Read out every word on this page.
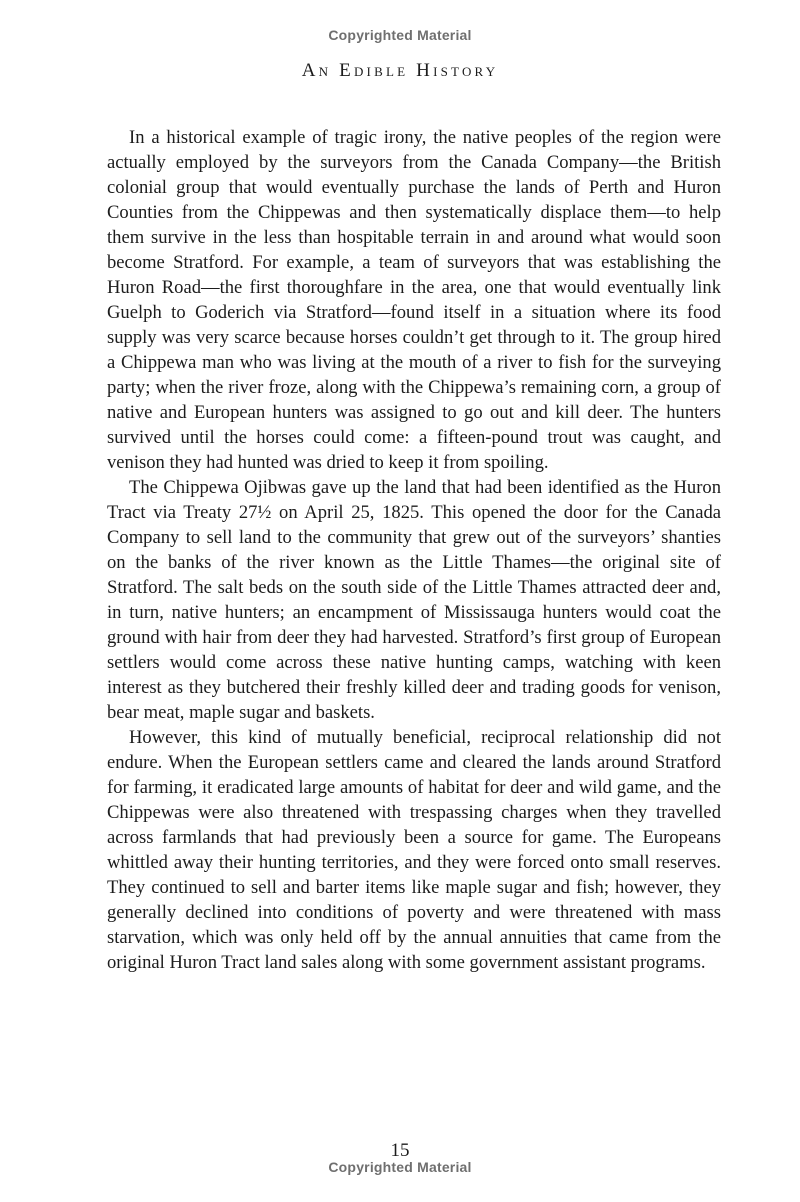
Copyrighted Material
An Edible History

In a historical example of tragic irony, the native peoples of the region were actually employed by the surveyors from the Canada Company—the British colonial group that would eventually purchase the lands of Perth and Huron Counties from the Chippewas and then systematically displace them—to help them survive in the less than hospitable terrain in and around what would soon become Stratford. For example, a team of surveyors that was establishing the Huron Road—the first thoroughfare in the area, one that would eventually link Guelph to Goderich via Stratford—found itself in a situation where its food supply was very scarce because horses couldn’t get through to it. The group hired a Chippewa man who was living at the mouth of a river to fish for the surveying party; when the river froze, along with the Chippewa’s remaining corn, a group of native and European hunters was assigned to go out and kill deer. The hunters survived until the horses could come: a fifteen-pound trout was caught, and venison they had hunted was dried to keep it from spoiling.

The Chippewa Ojibwas gave up the land that had been identified as the Huron Tract via Treaty 27½ on April 25, 1825. This opened the door for the Canada Company to sell land to the community that grew out of the surveyors’ shanties on the banks of the river known as the Little Thames—the original site of Stratford. The salt beds on the south side of the Little Thames attracted deer and, in turn, native hunters; an encampment of Mississauga hunters would coat the ground with hair from deer they had harvested. Stratford’s first group of European settlers would come across these native hunting camps, watching with keen interest as they butchered their freshly killed deer and trading goods for venison, bear meat, maple sugar and baskets.

However, this kind of mutually beneficial, reciprocal relationship did not endure. When the European settlers came and cleared the lands around Stratford for farming, it eradicated large amounts of habitat for deer and wild game, and the Chippewas were also threatened with trespassing charges when they travelled across farmlands that had previously been a source for game. The Europeans whittled away their hunting territories, and they were forced onto small reserves. They continued to sell and barter items like maple sugar and fish; however, they generally declined into conditions of poverty and were threatened with mass starvation, which was only held off by the annual annuities that came from the original Huron Tract land sales along with some government assistant programs.

15
Copyrighted Material
